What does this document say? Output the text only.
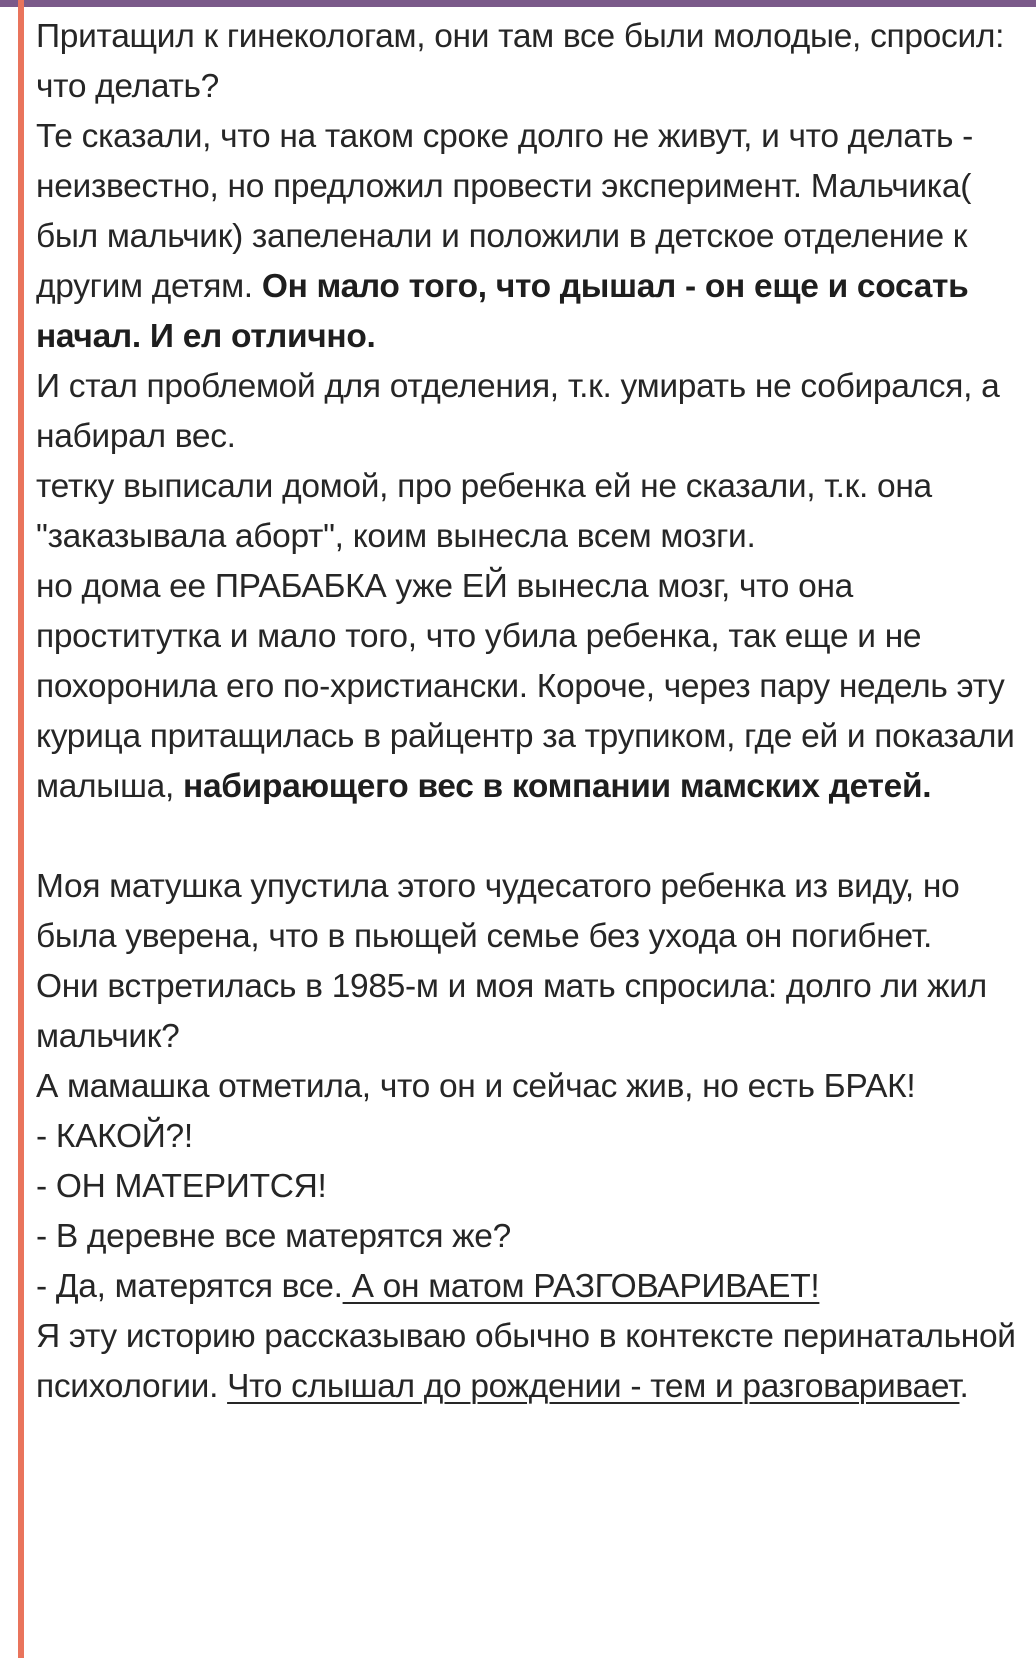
Притащил к гинекологам, они там все были молодые, спросил: что делать?

Те сказали, что на таком сроке долго не живут, и что делать - неизвестно, но предложил провести эксперимент. Мальчика( был мальчик) запеленали и положили в детское отделение к другим детям. Он мало того, что дышал - он еще и сосать начал. И ел отлично.

И стал проблемой для отделения, т.к. умирать не собирался, а набирал вес.

тетку выписали домой, про ребенка ей не сказали, т.к. она "заказывала аборт", коим вынесла всем мозги.

но дома ее ПРАБАБКА уже ЕЙ вынесла мозг, что она проститутка и мало того, что убила ребенка, так еще и не похоронила его по-христиански. Короче, через пару недель эту курица притащилась в райцентр за трупиком, где ей и показали малыша, набирающего вес в компании мамских детей.

Моя матушка упустила этого чудесатого ребенка из виду, но была уверена, что в пьющей семье без ухода он погибнет.

Они встретилась в 1985-м и моя мать спросила: долго ли жил мальчик?

А мамашка отметила, что он и сейчас жив, но есть БРАК!

- КАКОЙ?!

- ОН МАТЕРИТСЯ!

- В деревне все матерятся же?

- Да, матерятся все. А он матом РАЗГОВАРИВАЕТ!

Я эту историю рассказываю обычно в контексте перинатальной психологии. Что слышал до рождении - тем и разговаривает.
